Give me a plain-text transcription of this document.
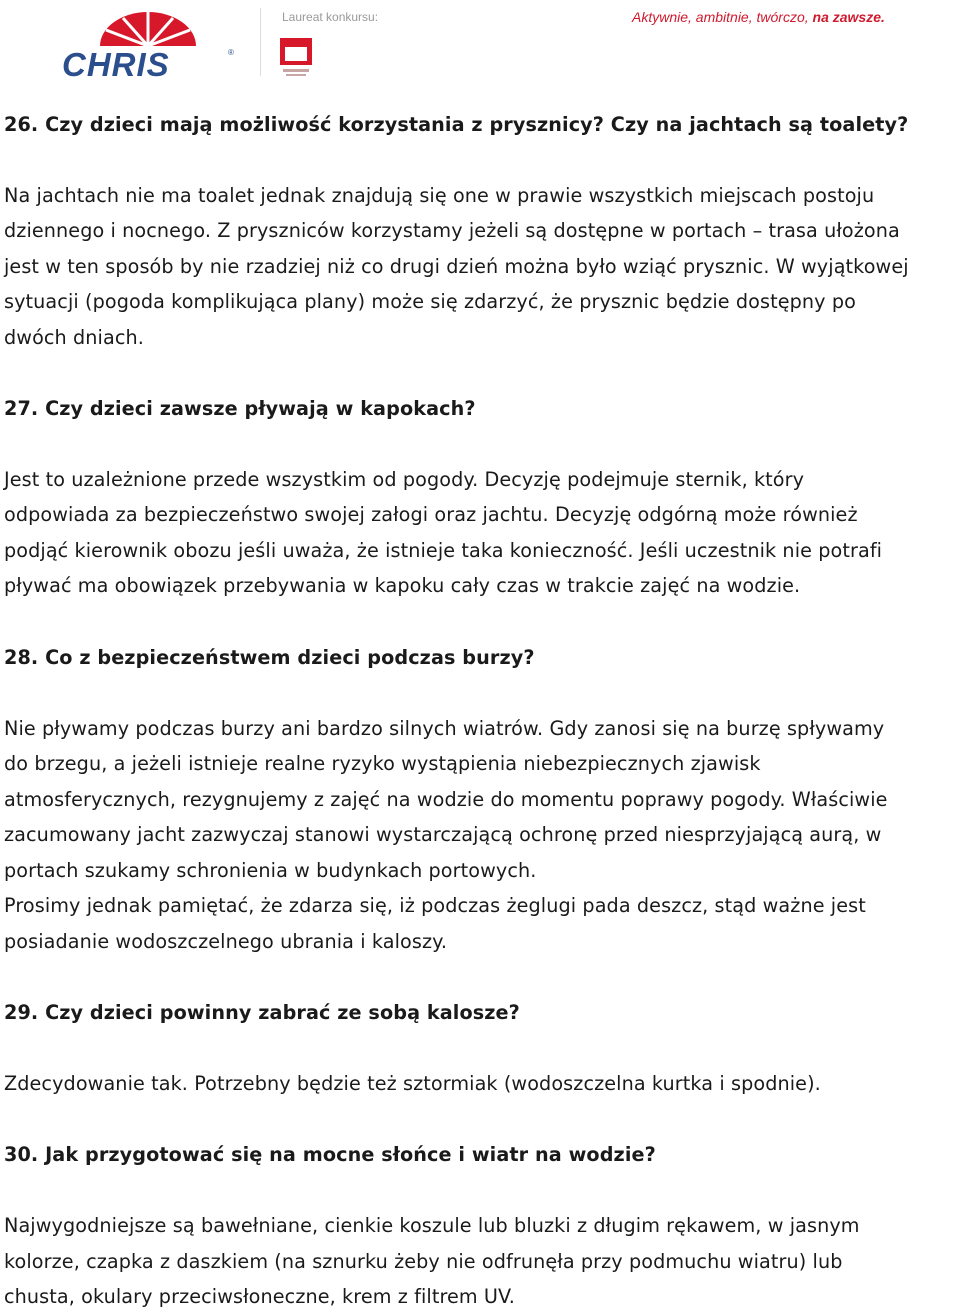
CHRIS	®
Laureat konkursu:	Aktywnie, ambitnie, twórczo, na zawsze.
26. Czy dzieci mają możliwość korzystania z prysznicy? Czy na jachtach są toalety?
Na jachtach nie ma toalet jednak znajdują się one w prawie wszystkich miejscach postoju
dziennego i nocnego. Z pryszniców korzystamy jeżeli są dostępne w portach – trasa ułożona
jest w ten sposób by nie rzadziej niż co drugi dzień można było wziąć prysznic. W wyjątkowej
sytuacji (pogoda komplikująca plany) może się zdarzyć, że prysznic będzie dostępny po
dwóch dniach.
27. Czy dzieci zawsze pływają w kapokach?
Jest to uzależnione przede wszystkim od pogody. Decyzję podejmuje sternik, który
odpowiada za bezpieczeństwo swojej załogi oraz jachtu. Decyzję odgórną może również
podjąć kierownik obozu jeśli uważa, że istnieje taka konieczność. Jeśli uczestnik nie potrafi
pływać ma obowiązek przebywania w kapoku cały czas w trakcie zajęć na wodzie.
28. Co z bezpieczeństwem dzieci podczas burzy?
Nie pływamy podczas burzy ani bardzo silnych wiatrów. Gdy zanosi się na burzę spływamy
do brzegu, a jeżeli istnieje realne ryzyko wystąpienia niebezpiecznych zjawisk
atmosferycznych, rezygnujemy z zajęć na wodzie do momentu poprawy pogody. Właściwie
zacumowany jacht zazwyczaj stanowi wystarczającą ochronę przed niesprzyjającą aurą, w
portach szukamy schronienia w budynkach portowych.
Prosimy jednak pamiętać, że zdarza się, iż podczas żeglugi pada deszcz, stąd ważne jest
posiadanie wodoszczelnego ubrania i kaloszy.
29. Czy dzieci powinny zabrać ze sobą kalosze?
Zdecydowanie tak. Potrzebny będzie też sztormiak (wodoszczelna kurtka i spodnie).
30. Jak przygotować się na mocne słońce i wiatr na wodzie?
Najwygodniejsze są bawełniane, cienkie koszule lub bluzki z długim rękawem, w jasnym
kolorze, czapka z daszkiem (na sznurku żeby nie odfrunęła przy podmuchu wiatru) lub
chusta, okulary przeciwsłoneczne, krem z filtrem UV.
